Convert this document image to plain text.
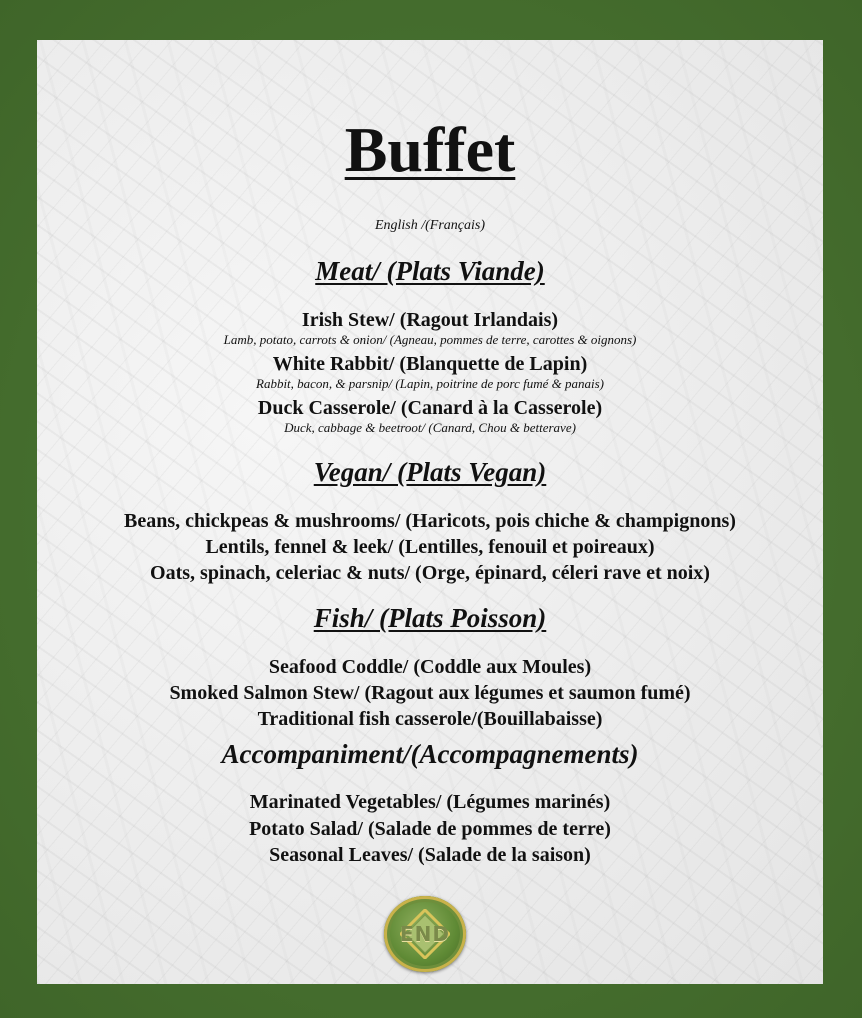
Buffet
English /(Français)
Meat/ (Plats Viande)
Irish Stew/ (Ragout Irlandais)
Lamb, potato, carrots & onion/ (Agneau, pommes de terre, carottes & oignons)
White Rabbit/ (Blanquette de Lapin)
Rabbit, bacon, & parsnip/ (Lapin, poitrine de porc fumé & panais)
Duck Casserole/ (Canard à la Casserole)
Duck, cabbage & beetroot/ (Canard, Chou & betterave)
Vegan/ (Plats Vegan)
Beans, chickpeas & mushrooms/ (Haricots, pois chiche & champignons)
Lentils, fennel & leek/ (Lentilles, fenouil et poireaux)
Oats, spinach, celeriac & nuts/ (Orge, épinard, céleri rave et noix)
Fish/ (Plats Poisson)
Seafood Coddle/ (Coddle aux Moules)
Smoked Salmon Stew/ (Ragout aux légumes et saumon fumé)
Traditional fish casserole/(Bouillabaisse)
Accompaniment/(Accompagnements)
Marinated Vegetables/ (Légumes marinés)
Potato Salad/ (Salade de pommes de terre)
Seasonal Leaves/ (Salade de la saison)
END
